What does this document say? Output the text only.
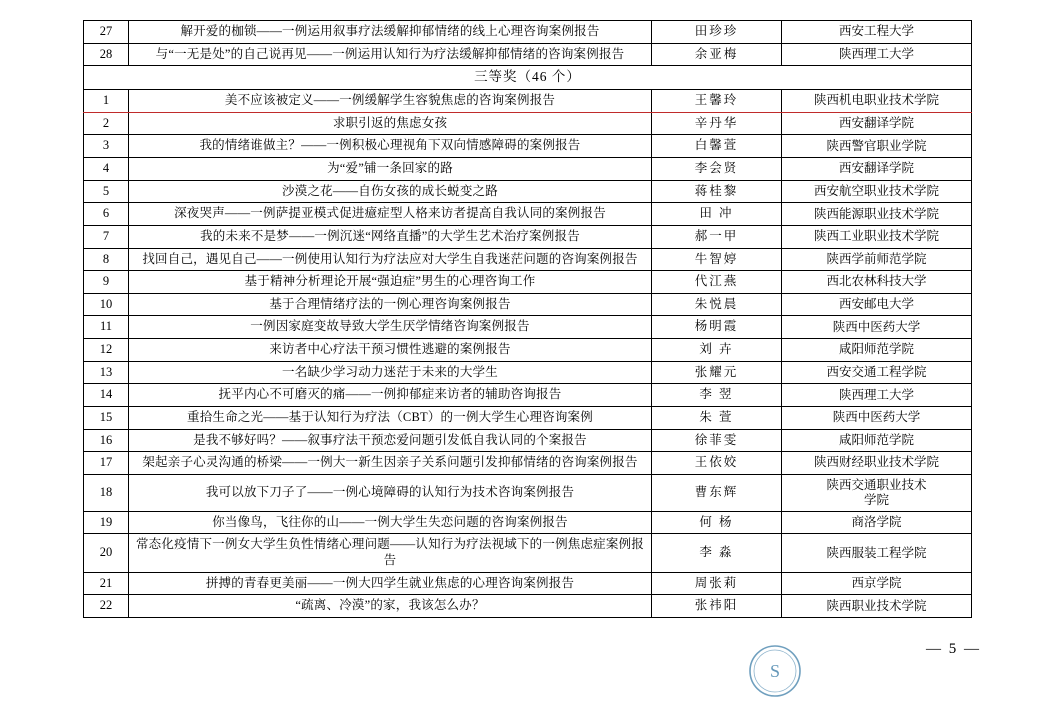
27	解开爱的枷锁——一例运用叙事疗法缓解抑郁情绪的线上心理咨询案例报告	田珍珍	西安工程大学

28	与“一无是处”的自己说再见——一例运用认知行为疗法缓解抑郁情绪的咨询案例报告	余亚梅	陕西理工大学

三等奖（46 个）			
1	美不应该被定义——一例缓解学生容貌焦虑的咨询案例报告	王馨玲	陕西机电职业技术学院

2	求职引返的焦虑女孩	辛丹华	西安翻译学院

3	我的情绪谁做主？——一例积极心理视角下双向情感障碍的案例报告	白馨萱	陕西警官职业学院

4	为“爱”铺一条回家的路	李会贤	西安翻译学院

5	沙漠之花——自伤女孩的成长蜕变之路	蒋桂黎	西安航空职业技术学院

6	深夜哭声——一例萨提亚模式促进癔症型人格来访者提高自我认同的案例报告	田 冲	陕西能源职业技术学院

7	我的未来不是梦——一例沉迷“网络直播”的大学生艺术治疗案例报告	郝一甲	陕西工业职业技术学院

8	找回自己，遇见自己——一例使用认知行为疗法应对大学生自我迷茫问题的咨询案例报告	牛智婷	陕西学前师范学院

9	基于精神分析理论开展“强迫症”男生的心理咨询工作	代江燕	西北农林科技大学

10	基于合理情绪疗法的一例心理咨询案例报告	朱悦晨	西安邮电大学

11	一例因家庭变故导致大学生厌学情绪咨询案例报告	杨明霞	陕西中医药大学

12	来访者中心疗法干预习惯性逃避的案例报告	刘 卉	咸阳师范学院

13	一名缺少学习动力迷茫于未来的大学生	张耀元	西安交通工程学院

14	抚平内心不可磨灭的痛——一例抑郁症来访者的辅助咨询报告	李 翌	陕西理工大学

15	重拾生命之光——基于认知行为疗法（CBT）的一例大学生心理咨询案例	朱 萱	陕西中医药大学

16	是我不够好吗？——叙事疗法干预恋爱问题引发低自我认同的个案报告	徐菲雯	咸阳师范学院

17	架起亲子心灵沟通的桥梁——一例大一新生因亲子关系问题引发抑郁情绪的咨询案例报告	王依姣	陕西财经职业技术学院

18	我可以放下刀子了——一例心境障碍的认知行为技术咨询案例报告	曹东辉	陕西交通职业技术
学院

19	你当像鸟，飞往你的山——一例大学生失恋问题的咨询案例报告	何 杨	商洛学院

20	常态化疫情下一例女大学生负性情绪心理问题——认知行为疗法视域下的一例焦虑症案例报告	李 淼	陕西服装工程学院

21	拼搏的青春更美丽——一例大四学生就业焦虑的心理咨询案例报告	周张莉	西京学院

22	“疏离、冷漠”的家，我该怎么办？	张祎阳	陕西职业技术学院
— 5 —
S
